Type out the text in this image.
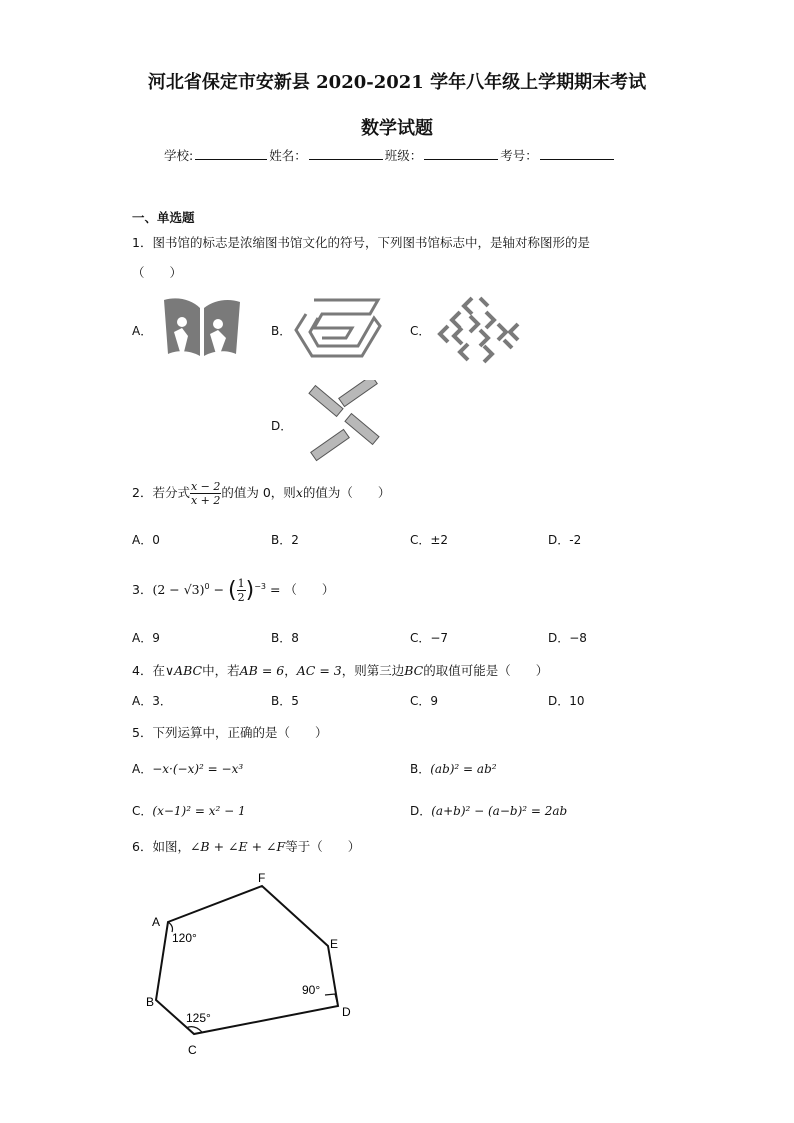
河北省保定市安新县 2020-2021 学年八年级上学期期末考试
数学试题
学校:	姓名：	班级：	考号：
一、单选题
1．图书馆的标志是浓缩图书馆文化的符号，下列图书馆标志中，是轴对称图形的是
（　　）
A．	B．	C．
D．
2．若分式 $\frac{x - 2}{x + 2}$ 的值为 0，则x的值为（　　）
A．0	B．2	C．±2	D．-2
3．$(2 - √3)^0$ − ( $\frac{1}{2} )^{-3}$ = （　　）
A．9	B．8	C．−7	D．−8
4．在∨ABC中，若AB = 6，AC = 3，则第三边BC的取值可能是（　　）
A．3．	B．5	C．9	D．10
5．下列运算中，正确的是（　　）
A．−x·(−x)² = −x³	B．(ab)² = ab²
C．(x−1)² = x² − 1	D．(a+b)² − (a−b)² = 2ab
6．如图，∠B + ∠E + ∠F等于（　　）
A
F
E
D
C
B
120°
125°
90°
